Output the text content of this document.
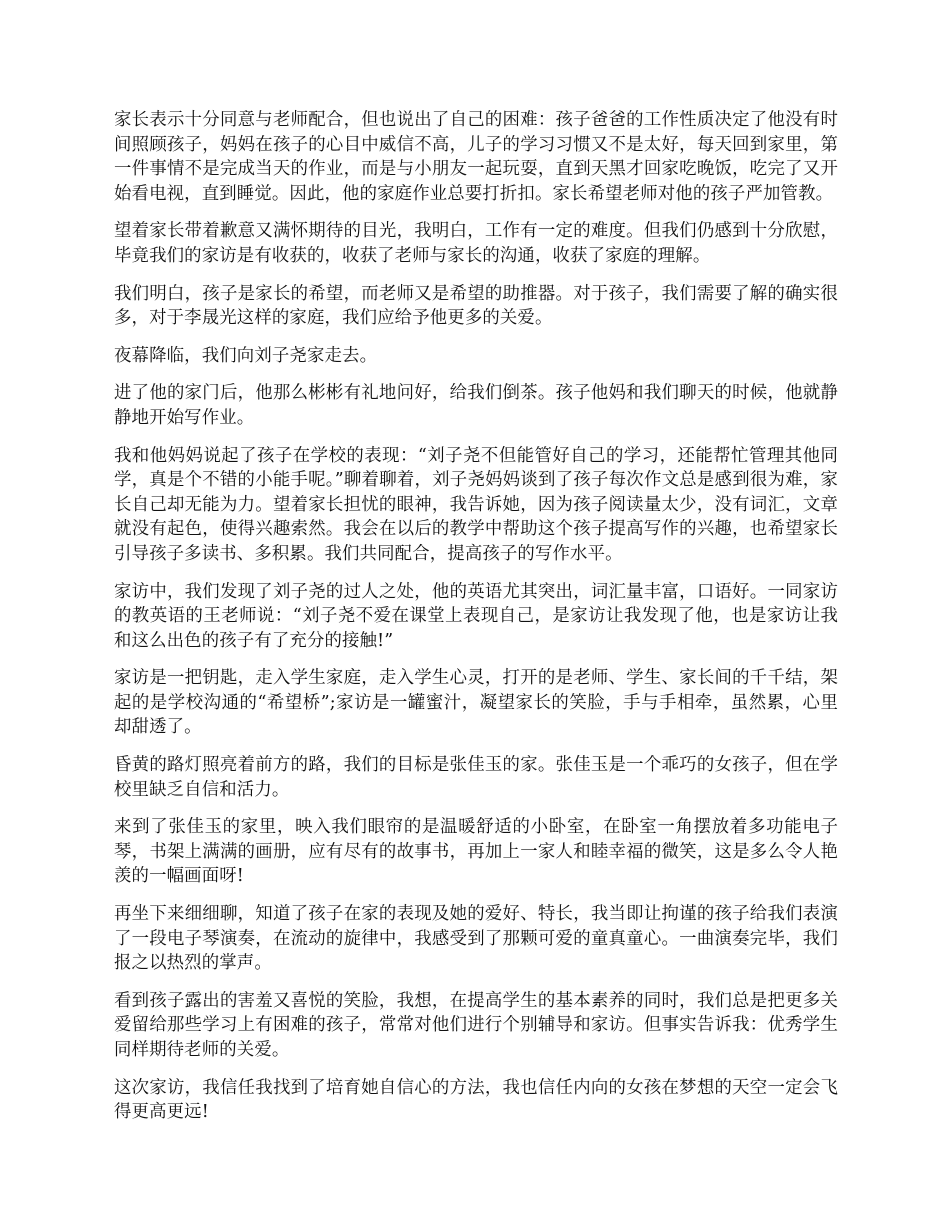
家长表示十分同意与老师配合，但也说出了自己的困难：孩子爸爸的工作性质决定了他没有时间照顾孩子，妈妈在孩子的心目中威信不高，儿子的学习习惯又不是太好，每天回到家里，第一件事情不是完成当天的作业，而是与小朋友一起玩耍，直到天黑才回家吃晚饭，吃完了又开始看电视，直到睡觉。因此，他的家庭作业总要打折扣。家长希望老师对他的孩子严加管教。

望着家长带着歉意又满怀期待的目光，我明白，工作有一定的难度。但我们仍感到十分欣慰，毕竟我们的家访是有收获的，收获了老师与家长的沟通，收获了家庭的理解。

我们明白，孩子是家长的希望，而老师又是希望的助推器。对于孩子，我们需要了解的确实很多，对于李晟光这样的家庭，我们应给予他更多的关爱。

夜幕降临，我们向刘子尧家走去。

进了他的家门后，他那么彬彬有礼地问好，给我们倒茶。孩子他妈和我们聊天的时候，他就静静地开始写作业。

我和他妈妈说起了孩子在学校的表现：“刘子尧不但能管好自己的学习，还能帮忙管理其他同学，真是个不错的小能手呢。”聊着聊着，刘子尧妈妈谈到了孩子每次作文总是感到很为难，家长自己却无能为力。望着家长担忧的眼神，我告诉她，因为孩子阅读量太少，没有词汇，文章就没有起色，使得兴趣索然。我会在以后的教学中帮助这个孩子提高写作的兴趣，也希望家长引导孩子多读书、多积累。我们共同配合，提高孩子的写作水平。

家访中，我们发现了刘子尧的过人之处，他的英语尤其突出，词汇量丰富，口语好。一同家访的教英语的王老师说：“刘子尧不爱在课堂上表现自己，是家访让我发现了他，也是家访让我和这么出色的孩子有了充分的接触!”

家访是一把钥匙，走入学生家庭，走入学生心灵，打开的是老师、学生、家长间的千千结，架起的是学校沟通的“希望桥”;家访是一罐蜜汁，凝望家长的笑脸，手与手相牵，虽然累，心里却甜透了。

昏黄的路灯照亮着前方的路，我们的目标是张佳玉的家。张佳玉是一个乖巧的女孩子，但在学校里缺乏自信和活力。

来到了张佳玉的家里，映入我们眼帘的是温暖舒适的小卧室，在卧室一角摆放着多功能电子琴，书架上满满的画册，应有尽有的故事书，再加上一家人和睦幸福的微笑，这是多么令人艳羡的一幅画面呀!

再坐下来细细聊，知道了孩子在家的表现及她的爱好、特长，我当即让拘谨的孩子给我们表演了一段电子琴演奏，在流动的旋律中，我感受到了那颗可爱的童真童心。一曲演奏完毕，我们报之以热烈的掌声。

看到孩子露出的害羞又喜悦的笑脸，我想，在提高学生的基本素养的同时，我们总是把更多关爱留给那些学习上有困难的孩子，常常对他们进行个别辅导和家访。但事实告诉我：优秀学生同样期待老师的关爱。

这次家访，我信任我找到了培育她自信心的方法，我也信任内向的女孩在梦想的天空一定会飞得更高更远!
